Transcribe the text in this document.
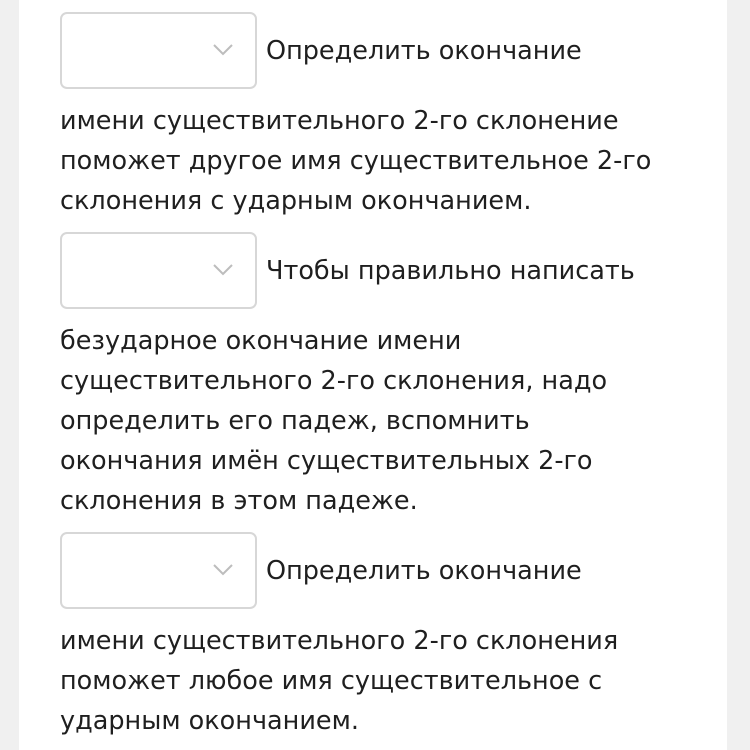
Определить окончание
имени существительного 2-го склонение
поможет другое имя существительное 2-го
склонения с ударным окончанием.
Чтобы правильно написать
безударное окончание имени
существительного 2-го склонения, надо
определить его падеж, вспомнить
окончания имён существительных 2-го
склонения в этом падеже.
Определить окончание
имени существительного 2-го склонения
поможет любое имя существительное с
ударным окончанием.
